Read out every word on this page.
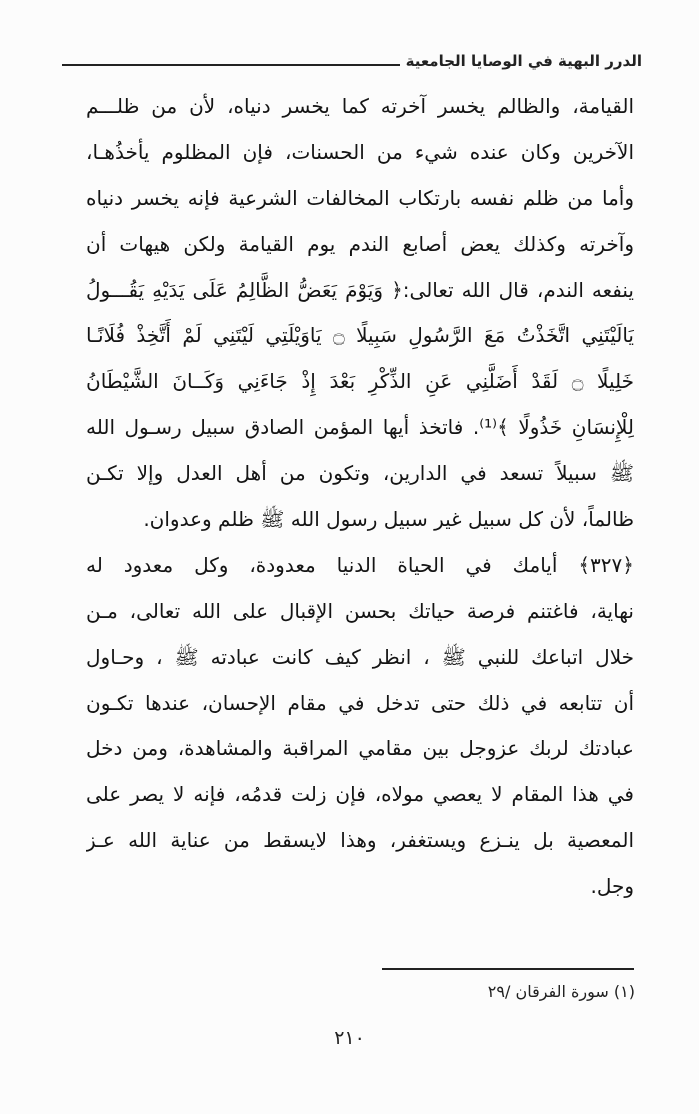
الدرر البهية في الوصايا الجامعية
القيامة، والظالم يخسر آخرته كما يخسر دنياه، لأن من ظلـــم
الآخرين وكان عنده شيء من الحسنات، فإن المظلوم يأخذُهـا،
وأما من ظلم نفسه بارتكاب المخالفات الشرعية فإنه يخسر دنياه
وآخرته وكذلك يعض أصابع الندم يوم القيامة ولكن هيهات أن
ينفعه الندم، قال الله تعالى:﴿ وَيَوْمَ يَعَضُّ الظَّالِمُ عَلَى يَدَيْهِ يَقُـــولُ
يَالَيْتَنِي اتَّخَذْتُ مَعَ الرَّسُولِ سَبِيلًا ۝ يَاوَيْلَتِي لَيْتَنِي لَمْ أَتَّخِذْ فُلَانًـا
خَلِيلًا ۝ لَقَدْ أَضَلَّنِي عَنِ الذِّكْرِ بَعْدَ إِذْ جَاءَنِي وَكَــانَ الشَّيْطَانُ
لِلْإِنسَانِ خَذُولًا ﴾⁽¹⁾. فاتخذ أيها المؤمن الصادق سبيل رسـول الله
ﷺ سبيلاً تسعد في الدارين، وتكون من أهل العدل وإلا تكـن
ظالماً، لأن كل سبيل غير سبيل رسول الله ﷺ ظلم وعدوان.
﴿٣٢٧﴾ أيامك في الحياة الدنيا معدودة، وكل معدود له
نهاية، فاغتنم فرصة حياتك بحسن الإقبال على الله تعالى، مـن
خلال اتباعك للنبي ﷺ ، انظر كيف كانت عبادته ﷺ ، وحـاول
أن تتابعه في ذلك حتى تدخل في مقام الإحسان، عندها تكـون
عبادتك لربك عزوجل بين مقامي المراقبة والمشاهدة، ومن دخل
في هذا المقام لا يعصي مولاه، فإن زلت قدمُه، فإنه لا يصر على
المعصية بل ينـزع ويستغفر، وهذا لايسقط من عناية الله عـز
وجل.
(١) سورة الفرقان /٢٩
٢١٠
